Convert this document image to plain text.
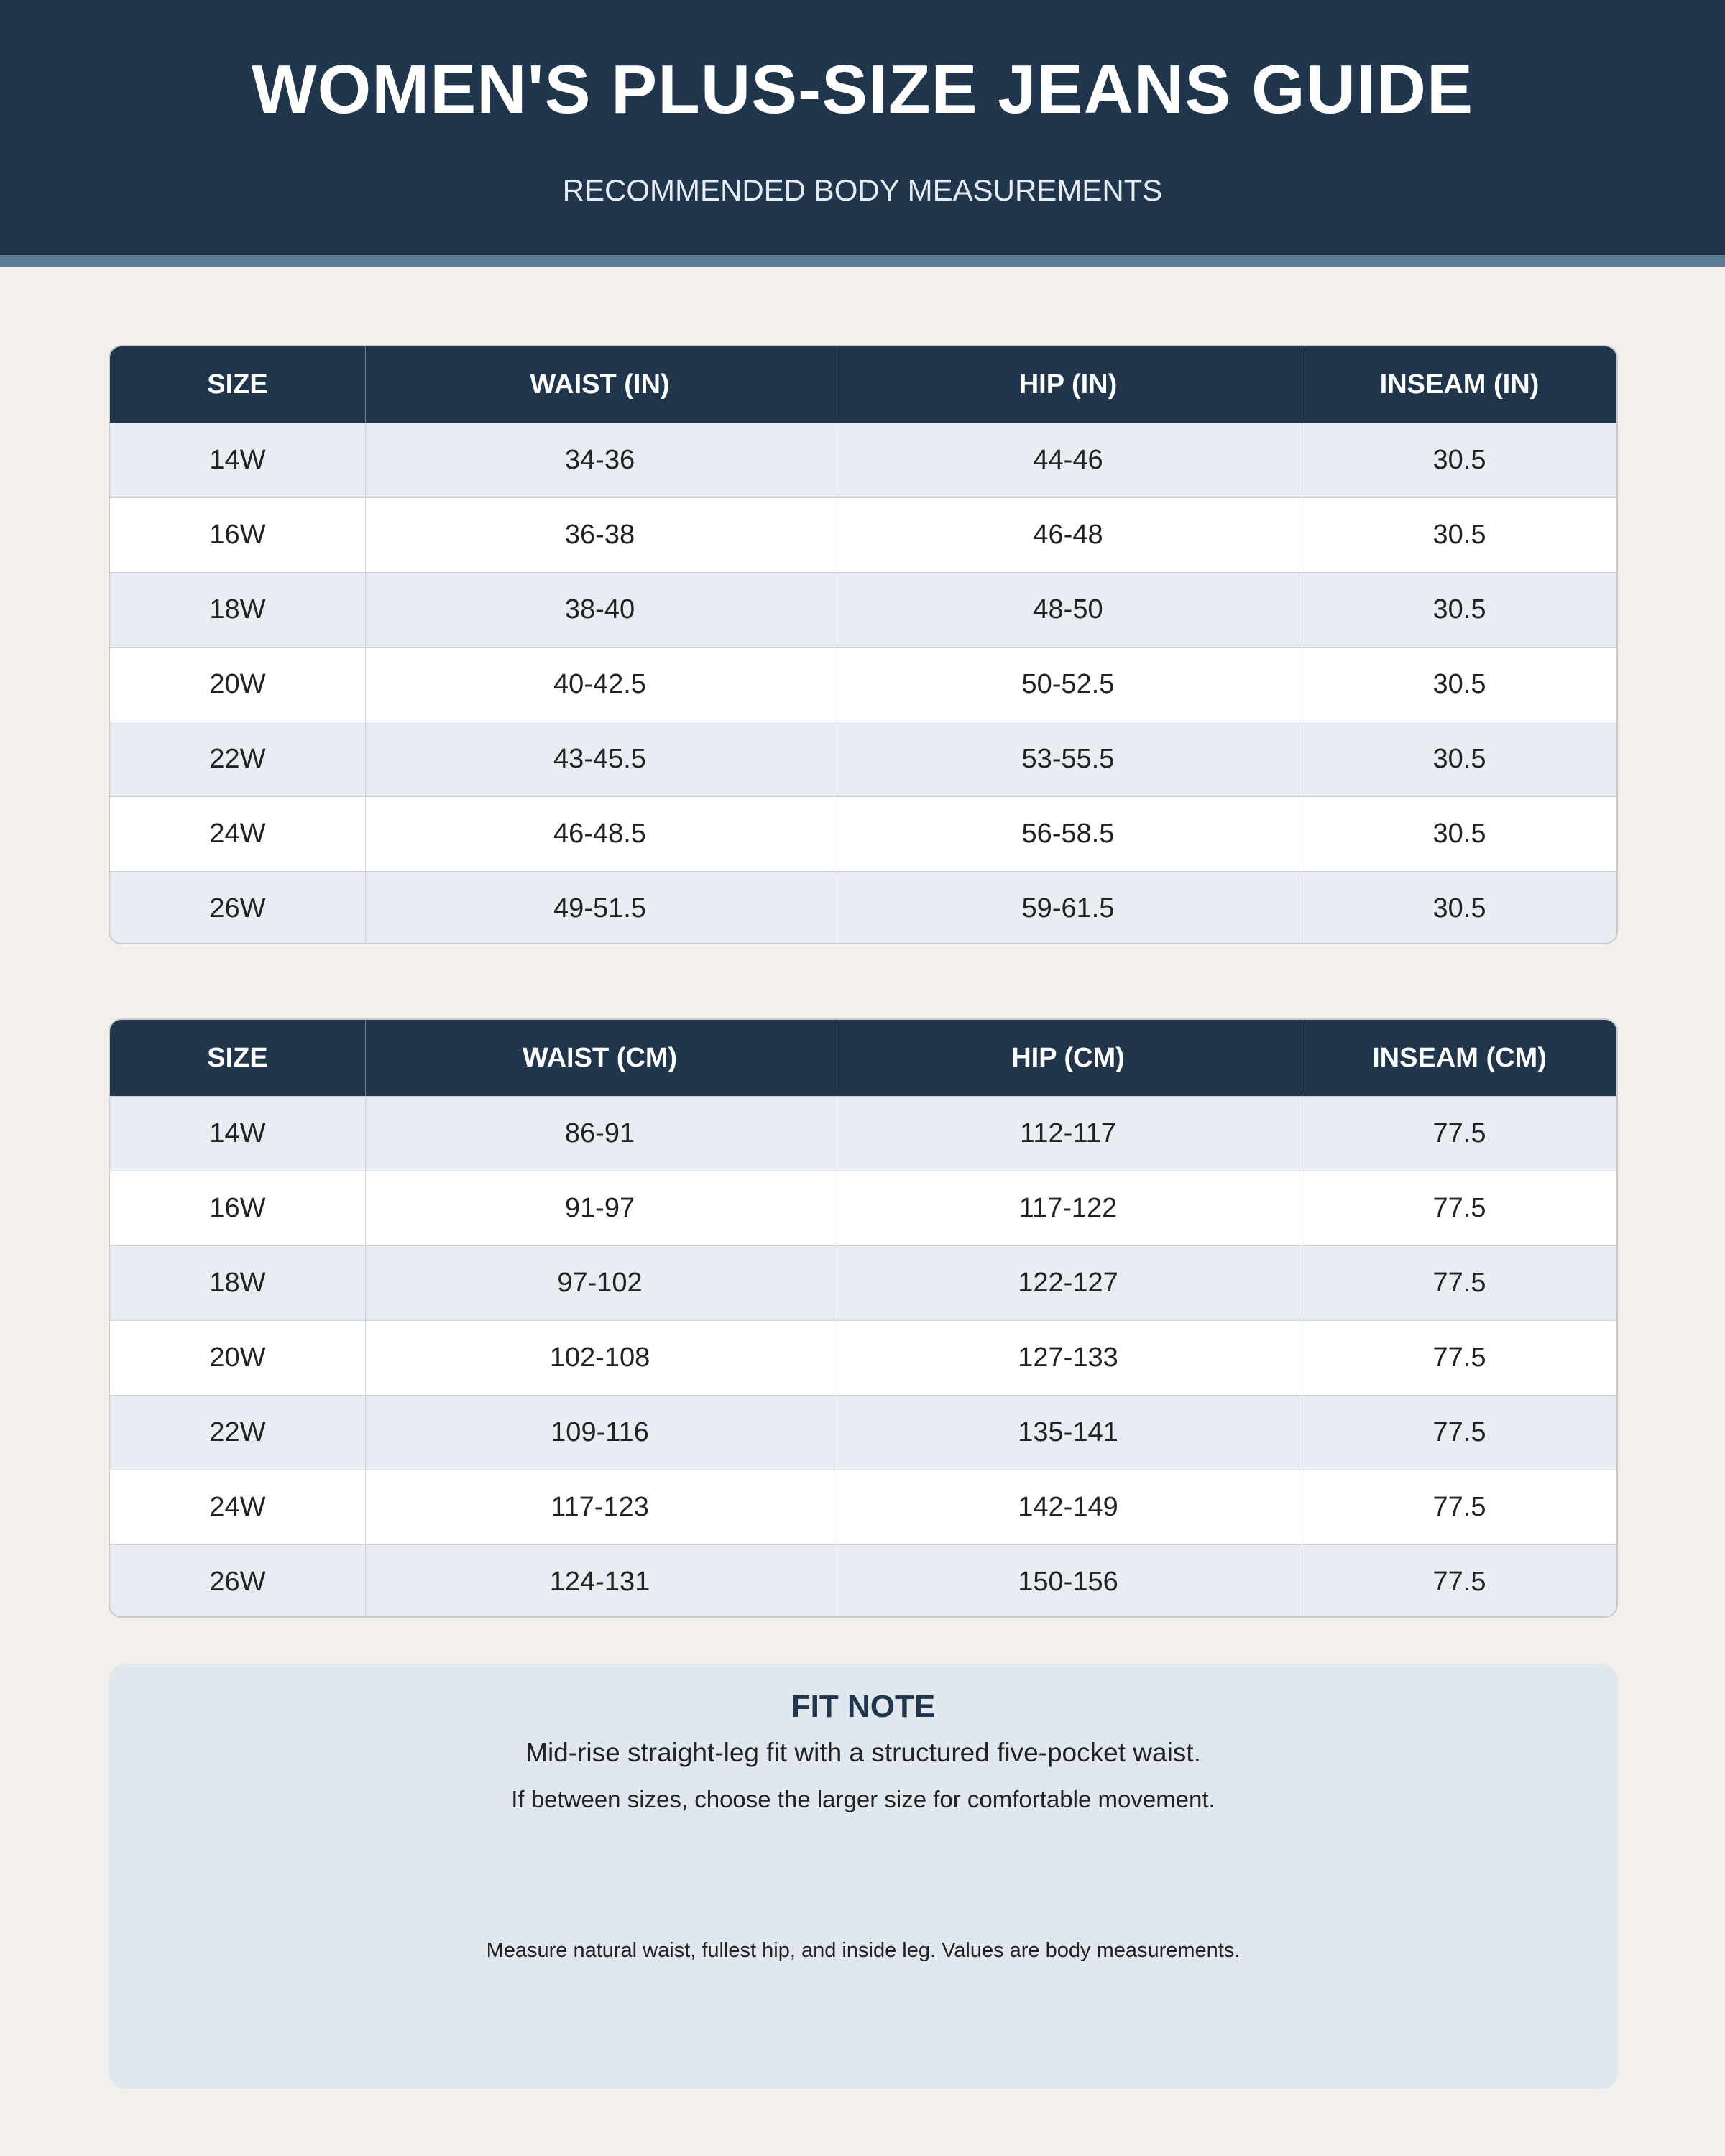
WOMEN'S PLUS-SIZE JEANS GUIDE
RECOMMENDED BODY MEASUREMENTS
SIZE	WAIST (IN)	HIP (IN)	INSEAM (IN)
14W	34-36	44-46	30.5
16W	36-38	46-48	30.5
18W	38-40	48-50	30.5
20W	40-42.5	50-52.5	30.5
22W	43-45.5	53-55.5	30.5
24W	46-48.5	56-58.5	30.5
26W	49-51.5	59-61.5	30.5
SIZE	WAIST (CM)	HIP (CM)	INSEAM (CM)
14W	86-91	112-117	77.5
16W	91-97	117-122	77.5
18W	97-102	122-127	77.5
20W	102-108	127-133	77.5
22W	109-116	135-141	77.5
24W	117-123	142-149	77.5
26W	124-131	150-156	77.5
FIT NOTE
Mid-rise straight-leg fit with a structured five-pocket waist.
If between sizes, choose the larger size for comfortable movement.
Measure natural waist, fullest hip, and inside leg. Values are body measurements.
